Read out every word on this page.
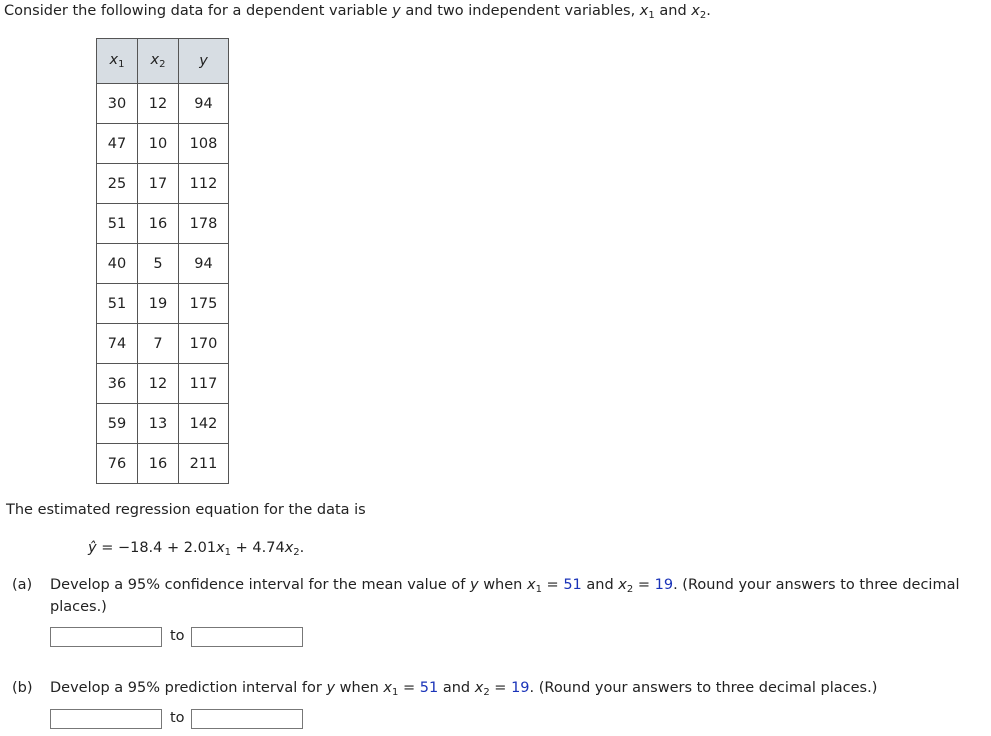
Consider the following data for a dependent variable y and two independent variables, $x_1$ and $x_2$.
$x_1$	$x_2$	y
30	12	94
47	10	108
25	17	112
51	16	178
40	5	94
51	19	175
74	7	170
36	12	117
59	13	142
76	16	211
The estimated regression equation for the data is
ŷ = $-18.4 + 2.01x_1 + 4.74x_2$.
(a) Develop a 95% confidence interval for the mean value of y when $x_1 = 51$ and $x_2 = 19$. (Round your answers to three decimal
places.)
to
(b) Develop a 95% prediction interval for y when $x_1 = 51$ and $x_2 = 19$. (Round your answers to three decimal places.)
to
